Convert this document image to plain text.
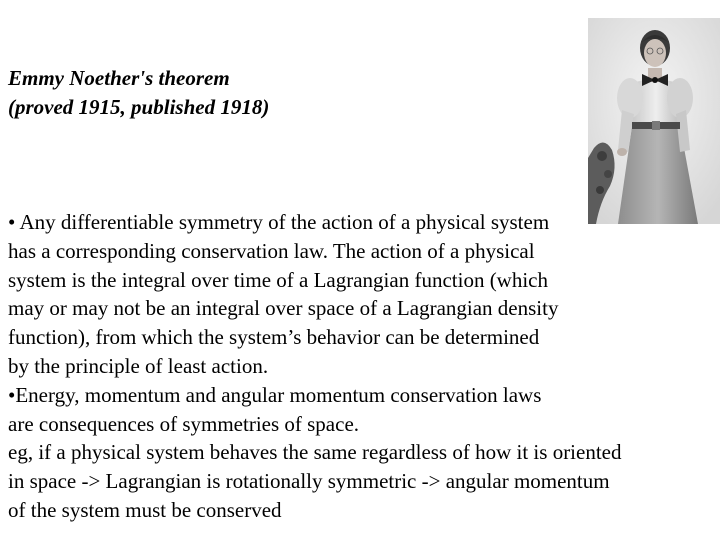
Emmy Noether's theorem
(proved 1915, published 1918)
• Any differentiable symmetry of the action of a physical system
has a corresponding conservation law. The action of a physical
system is the integral over time of a Lagrangian function (which
may or may not be an integral over space of a Lagrangian density
function), from which the system’s behavior can be determined
by the principle of least action.
•Energy, momentum and angular momentum conservation laws
are consequences of symmetries of space.
eg, if a physical system behaves the same regardless of how it is oriented
in space -> Lagrangian is rotationally symmetric -> angular momentum
of the system must be conserved
